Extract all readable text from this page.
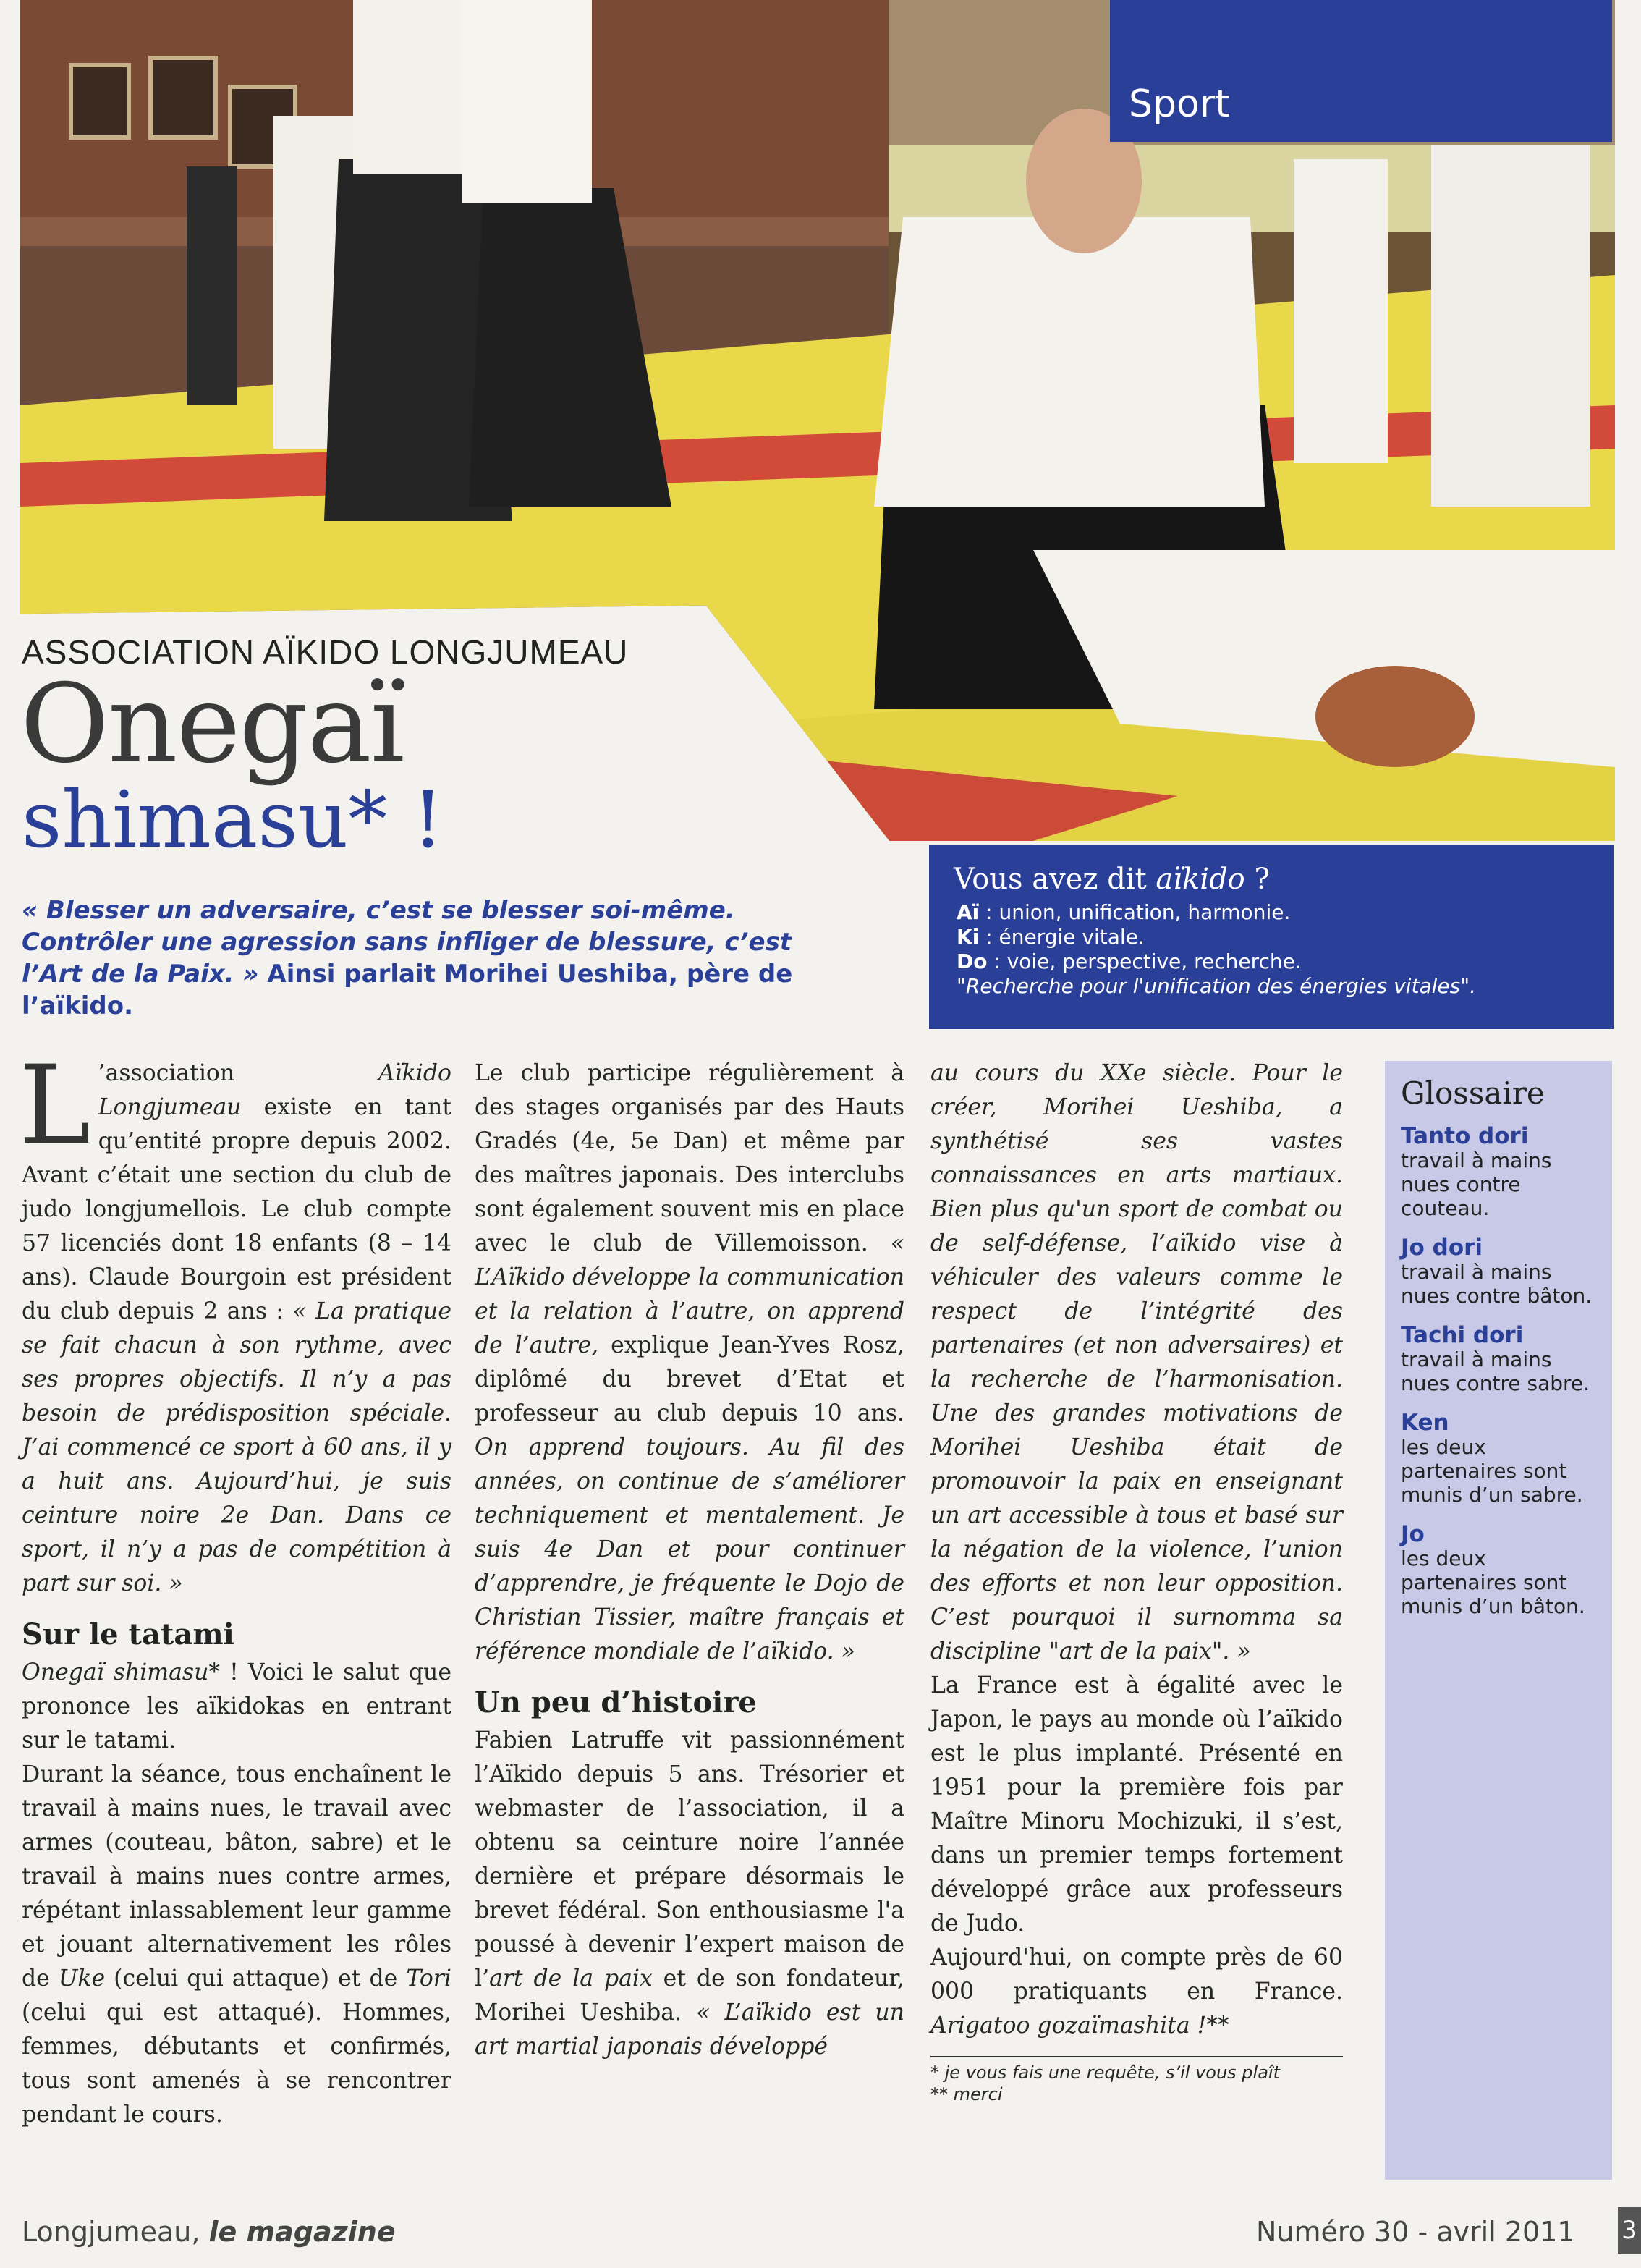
Sport

ASSOCIATION AÏKIDO LONGJUMEAU
Onegaï
shimasu* !
« Blesser un adversaire, c’est se blesser soi-même. Contrôler une agression sans infliger de blessure, c’est l’Art de la Paix. » Ainsi parlait Morihei Ueshiba, père de l’aïkido.
Vous avez dit aïkido ?
Aï : union, unification, harmonie.
Ki : énergie vitale.
Do : voie, perspective, recherche.
"Recherche pour l'unification des énergies vitales".

L ’association Aïkido Longjumeau existe en tant qu’entité propre depuis 2002. Avant c’était une section du club de judo longjumellois. Le club compte 57 licenciés dont 18 enfants (8 – 14 ans). Claude Bourgoin est président du club depuis 2 ans : « La pratique se fait chacun à son rythme, avec ses propres objectifs. Il n’y a pas besoin de prédisposition spéciale. J’ai commencé ce sport à 60 ans, il y a huit ans. Aujourd’hui, je suis ceinture noire 2e Dan. Dans ce sport, il n’y a pas de compétition à part sur soi. »

Sur le tatami

Onegaï shimasu* ! Voici le salut que prononce les aïkidokas en entrant sur le tatami.

Durant la séance, tous enchaînent le travail à mains nues, le travail avec armes (couteau, bâton, sabre) et le travail à mains nues contre armes, répétant inlassablement leur gamme et jouant alternativement les rôles de Uke (celui qui attaque) et de Tori (celui qui est attaqué). Hommes, femmes, débutants et confirmés, tous sont amenés à se rencontrer pendant le cours.

Le club participe régulièrement à des stages organisés par des Hauts Gradés (4e, 5e Dan) et même par des maîtres japonais. Des interclubs sont également souvent mis en place avec le club de Villemoisson. « L’Aïkido développe la communication et la relation à l’autre, on apprend de l’autre, explique Jean-Yves Rosz, diplômé du brevet d’Etat et professeur au club depuis 10 ans. On apprend toujours. Au fil des années, on continue de s’améliorer techniquement et mentalement. Je suis 4e Dan et pour continuer d’apprendre, je fréquente le Dojo de Christian Tissier, maître français et référence mondiale de l’aïkido. »

Un peu d’histoire

Fabien Latruffe vit passionnément l’Aïkido depuis 5 ans. Trésorier et webmaster de l’association, il a obtenu sa ceinture noire l’année dernière et prépare désormais le brevet fédéral. Son enthousiasme l'a poussé à devenir l’expert maison de l’art de la paix et de son fondateur, Morihei Ueshiba. « L’aïkido est un art martial japonais développé

au cours du XXe siècle. Pour le créer, Morihei Ueshiba, a synthétisé ses vastes connaissances en arts martiaux. Bien plus qu'un sport de combat ou de self-défense, l’aïkido vise à véhiculer des valeurs comme le respect de l’intégrité des partenaires (et non adversaires) et la recherche de l’harmonisation. Une des grandes motivations de Morihei Ueshiba était de promouvoir la paix en enseignant un art accessible à tous et basé sur la négation de la violence, l’union des efforts et non leur opposition. C’est pourquoi il surnomma sa discipline "art de la paix". »

La France est à égalité avec le Japon, le pays au monde où l’aïkido est le plus implanté. Présenté en 1951 pour la première fois par Maître Minoru Mochizuki, il s’est, dans un premier temps fortement développé grâce aux professeurs de Judo.

Aujourd'hui, on compte près de 60 000 pratiquants en France. Arigatoo gozaïmashita !**

* je vous fais une requête, s’il vous plaît
** merci
Glossaire
Tanto dori
travail à mains nues contre couteau.
Jo dori
travail à mains nues contre bâton.
Tachi dori
travail à mains nues contre sabre.
Ken
les deux partenaires sont munis d’un sabre.
Jo
les deux partenaires sont munis d’un bâton.
Longjumeau, le magazine	Numéro 30 - avril 2011 3
